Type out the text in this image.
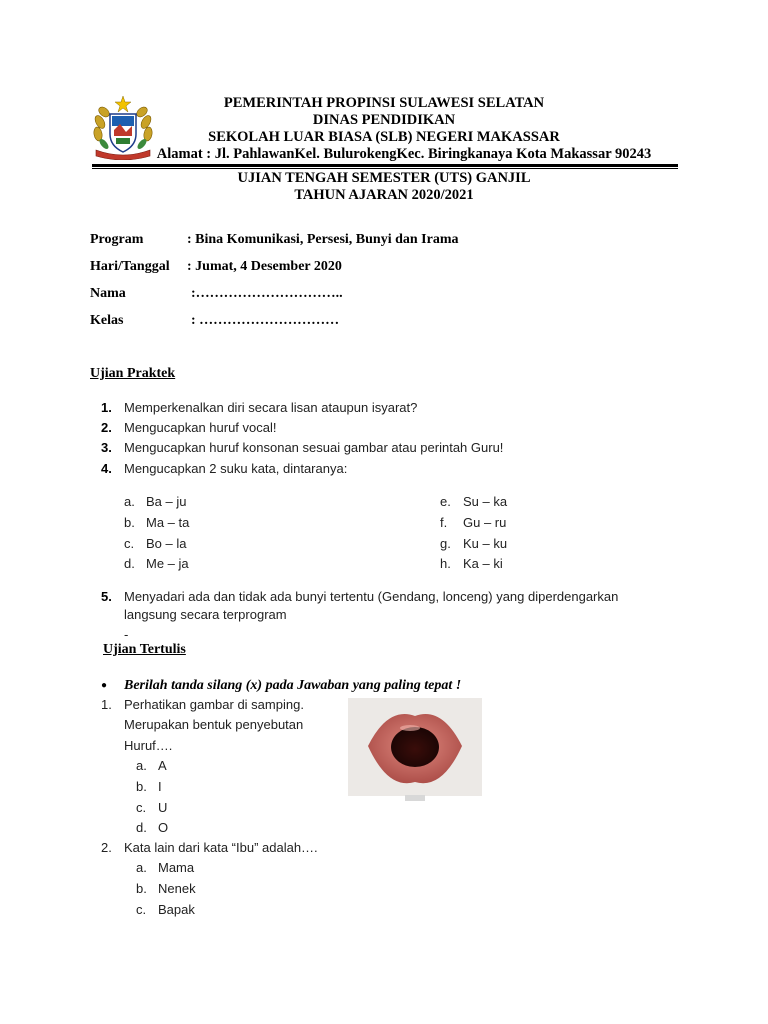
PEMERINTAH PROPINSI SULAWESI SELATAN
DINAS PENDIDIKAN
SEKOLAH LUAR BIASA (SLB) NEGERI MAKASSAR
Alamat : Jl. PahlawanKel. BulurokengKec. Biringkanaya Kota Makassar 90243
UJIAN TENGAH SEMESTER (UTS) GANJIL
TAHUN AJARAN 2020/2021
Program	: Bina Komunikasi, Persesi, Bunyi dan Irama
Hari/Tanggal : Jumat, 4 Desember 2020
Nama	:…………………………..
Kelas	: …………………………
Ujian Praktek
1. Memperkenalkan diri secara lisan ataupun isyarat?
2. Mengucapkan huruf vocal!
3. Mengucapkan huruf konsonan sesuai gambar atau perintah Guru!
4. Mengucapkan 2 suku kata, dintaranya:
a. Ba – ju
b. Ma – ta
c. Bo – la
d. Me – ja
e. Su – ka
f. Gu – ru
g. Ku – ku
h. Ka – ki
5. Menyadari ada dan tidak ada bunyi tertentu (Gendang, lonceng) yang diperdengarkan
langsung secara terprogram
-
Ujian Tertulis
● Berilah tanda silang (x) pada Jawaban yang paling tepat !
1. Perhatikan gambar di samping.
Merupakan bentuk penyebutan
Huruf….
a. A
b. I
c. U
d. O
2. Kata lain dari kata “Ibu” adalah….
a. Mama
b. Nenek
c. Bapak
